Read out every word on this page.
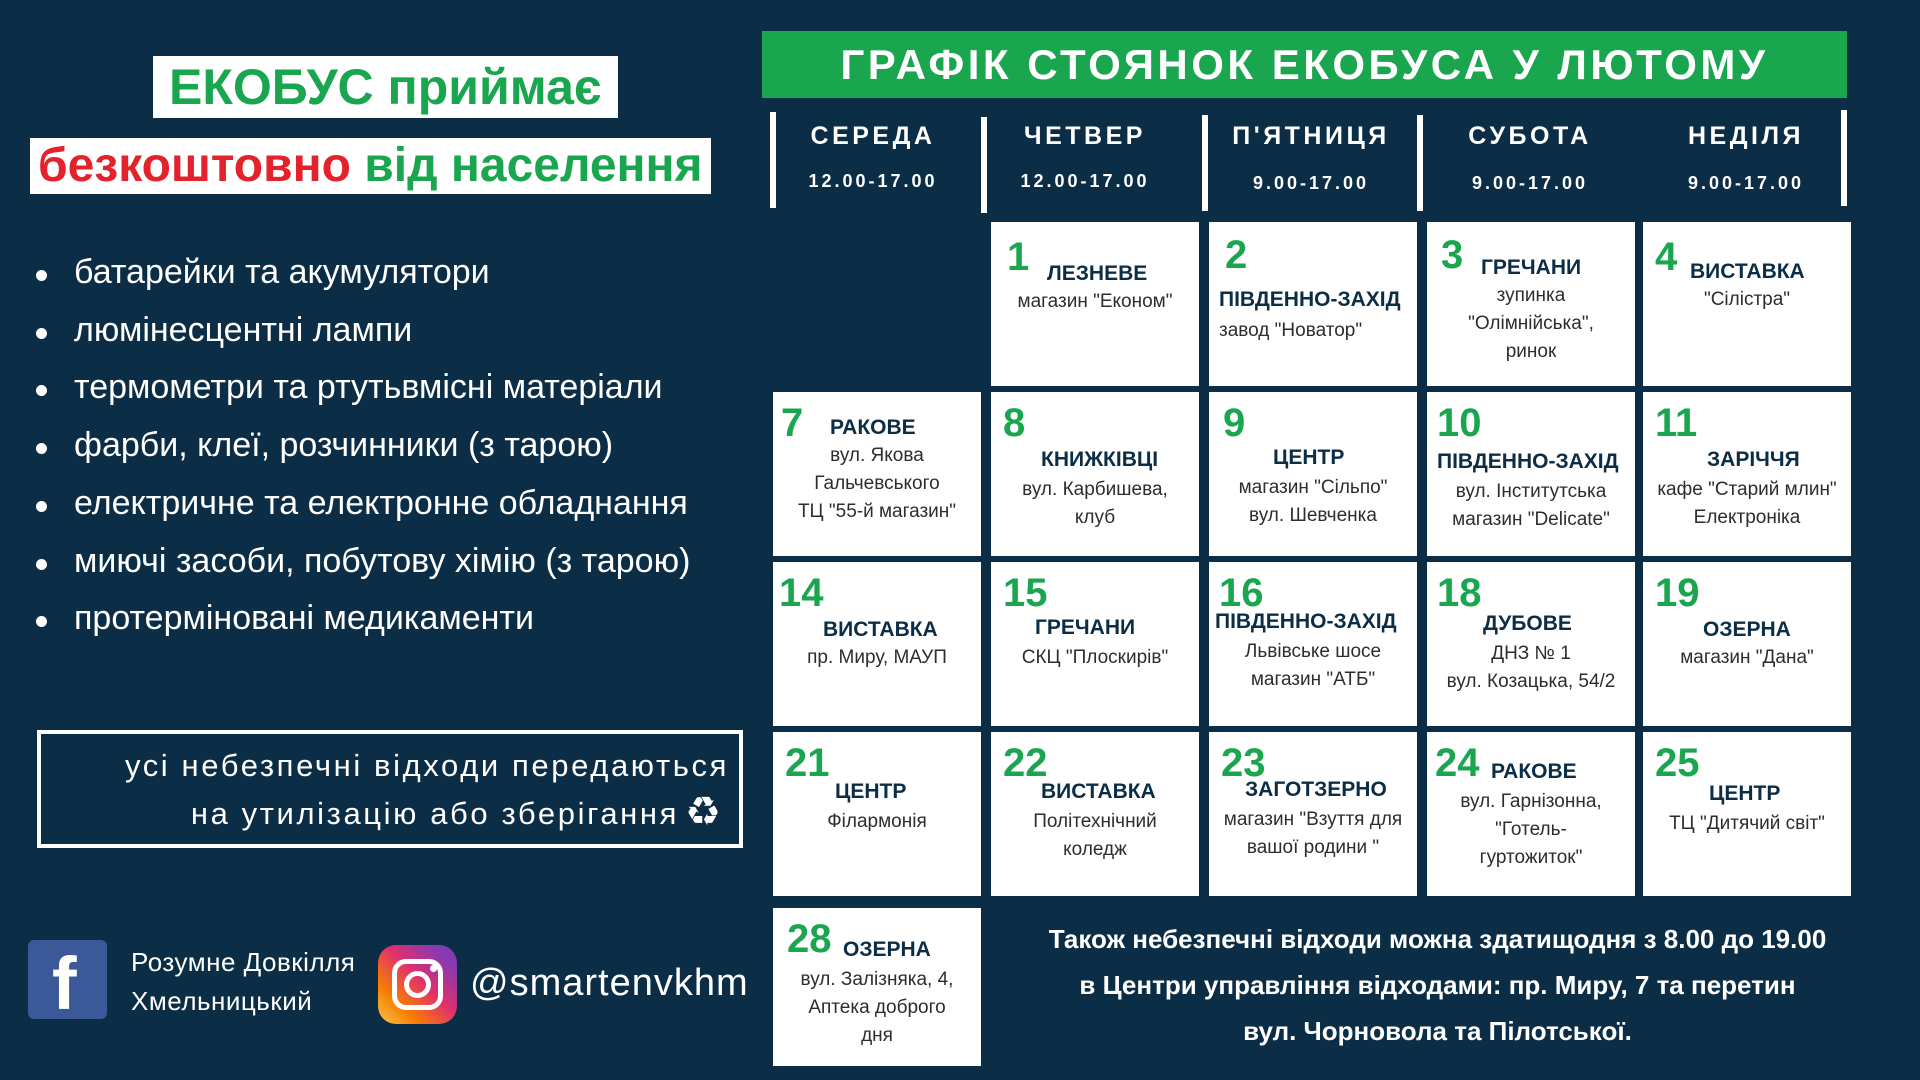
ЕКОБУС приймає
безкоштовно від населення
батарейки та акумулятори
люмінесцентні лампи
термометри та ртутьвмісні матеріали
фарби, клеї, розчинники (з тарою)
електричне та електронне обладнання
миючі засоби, побутову хімію (з тарою)
протерміновані медикаменти
усі небезпечні відходи передаються
на утилізацію або зберігання ♻
f Розумне Довкілля
Хмельницький	@smartenvkhm
ГРАФІК СТОЯНОК ЕКОБУСА У ЛЮТОМУ
СЕРЕДА
12.00-17.00
ЧЕТВЕР
12.00-17.00
П'ЯТНИЦЯ
9.00-17.00
СУБОТА
9.00-17.00
НЕДІЛЯ
9.00-17.00
1 ЛЕЗНЕВЕ
магазин "Економ"
2
ПІВДЕННО-ЗАХІД
завод "Новатор"
3 ГРЕЧАНИ
зупинка
"Олімнійська",
ринок
4 ВИСТАВКА
"Сілістра"
7 РАКОВЕ
вул. Якова
Гальчевського
ТЦ "55-й магазин"
8
КНИЖКІВЦІ
вул. Карбишева,
клуб
9
ЦЕНТР
магазин "Сільпо"
вул. Шевченка
10
ПІВДЕННО-ЗАХІД
вул. Інститутська
магазин "Delicate"
11
ЗАРІЧЧЯ
кафе "Старий млин"
Електроніка
14
ВИСТАВКА
пр. Миру, МАУП
15
ГРЕЧАНИ
СКЦ "Плоскирів"
16
ПІВДЕННО-ЗАХІД
Львівське шосе
магазин "АТБ"
18
ДУБОВЕ
ДНЗ № 1
вул. Козацька, 54/2
19
ОЗЕРНА
магазин "Дана"
21
ЦЕНТР
Філармонія
22
ВИСТАВКА
Політехнічний
коледж
23
ЗАГОТЗЕРНО
магазин "Взуття для
вашої родини "
24 РАКОВЕ
вул. Гарнізонна,
"Готель-
гуртожиток"
25
ЦЕНТР
ТЦ "Дитячий світ"
28 ОЗЕРНА
вул. Залізняка, 4,
Аптека доброго
дня
Також небезпечні відходи можна здатищодня з 8.00 до 19.00
в Центри управління відходами: пр. Миру, 7 та перетин
вул. Чорновола та Пілотської.
